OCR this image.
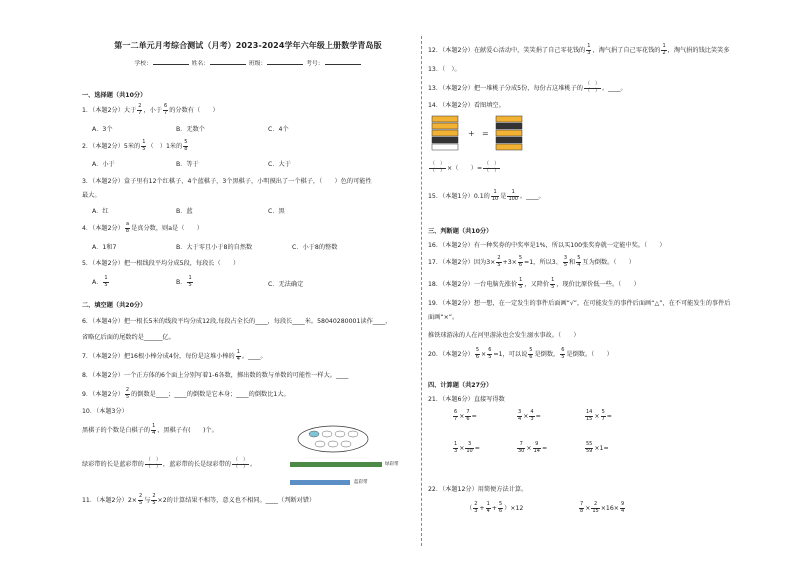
第一二单元月考综合测试（月考）2023-2024学年六年级上册数学青岛版
学校：	姓名：	班级：	考号：
一、选择题（共10分）
1．（本题2分）大于 $\frac{2}{7}$ ，小于 $\frac{6}{7}$ 的分数有（　　）
A．3个	B．无数个	C．4个
2．（本题2分）5米的 $\frac{1}{5}$ （　）1米的 $\frac{5}{8}$
A．小于	B．等于	C．大于
3．（本题2分）盒子里有12个红棋子，4个蓝棋子，3个黑棋子，小明摸出了一个棋子，（　　）色的可能性
最大。
A．红	B．蓝	C．黑
4．（本题2分） $\frac{a}{8}$ 是真分数，则a是（　　）
A．1和7	B．大于零且小于8的自然数	C．小于8的整数
5．（本题2分）把一根线段平均分成5段，每段长（　　）
A． $\frac{1}{5}$	B． $\frac{1}{5}$	C．无法确定
二、填空题（共20分）
6．（本题4分）把一根长5米的线段平均分成12段,每段占全长的____，每段长____米。58040280001读作____，
省略亿后面的尾数约是______亿。
7．（本题2分）把16根小棒分成4份，每份是这堆小棒的 $\frac{1}{4}$ 。____。
8．（本题2分）一个正方体的6个面上分别写着1-6各数，掷出数的数与单数的可能性一样大。____
9．（本题2分） $\frac{2}{5}$ 的倒数是____；____的倒数是它本身；____的倒数比1大。
10．（本题3分）
黑棋子的个数是白棋子的 $\frac{1}{4}$ ，黑棋子有(　　)个。
绿彩带的长是蓝彩带的 $\frac{( )}{( )}$ ，蓝彩带的长是绿彩带的 $\frac{( )}{( )}$ 。	绿彩带
蓝彩带
11．（本题2分）$2\times \frac{2}{5}$ 与 $\frac{2}{5} \times 2$的计算结果不相等，意义也不相同。____（判断对错）
12．（本题2分）在献爱心活动中，笑笑捐了自己零花钱的 $\frac{1}{3}$ ，淘气捐了自己零花钱的 $\frac{1}{2}$ ，淘气捐的钱比笑笑多
13．（　）。
13．（本题2分）把一堆桃子分成5份，每份占这堆桃子的 $\frac{( )}{( )}$ 。____。
14．（本题2分）看图填空。
+ =
$\frac{( )}{( )}$ ×（　　）= $\frac{( )}{( )}$
15．（本题1分）0.1的 $\frac{1}{10}$ 是 $\frac{1}{100}$ 。____。
三、判断题（共10分）
16．（本题2分）有一种奖券的中奖率是1%，所以买100张奖券就一定能中奖。（　　）
17．（本题2分）因为$3\times \frac{2}{5} +3\times \frac{5}{6} =1$，所以3、 $\frac{3}{5}$ 和 $\frac{5}{4}$ 互为倒数。（　　）
18．（本题2分）一台电脑先涨价 $\frac{1}{5}$ ，又降价 $\frac{1}{5}$ ，现价比原价低一些。（　　）
19．（本题2分）想一想，在一定发生的事件后面画“√”，在可能发生的事件后面画“△”，在不可能发生的事件后
面画“×”。
推铁球游泳的人在河里游泳也会发生溺水事故。（　　）
20．（本题2分） $\frac{5}{6} \times \frac{6}{5} =1$，可以说 $\frac{5}{6}$ 是倒数， $\frac{6}{5}$ 是倒数。（　　）
四、计算题（共27分）
21．（本题6分）直接写得数
$\frac{6}{7} \times \frac{7}{6}$ =	$\frac{3}{4} \times \frac{4}{3}$ =	$\frac{14}{15} \times \frac{5}{7}$ =
$\frac{1}{3} \times \frac{3}{10}$ =	$\frac{7}{30} \times \frac{9}{14}$ =	$\frac{55}{59} \times 1=$
22．（本题12分）用简便方法计算。
（ $\frac{2}{3} + \frac{1}{4} + \frac{5}{6} )\times 12$	$\frac{7}{8} \times \frac{2}{15} \times 16\times \frac{9}{4}$
